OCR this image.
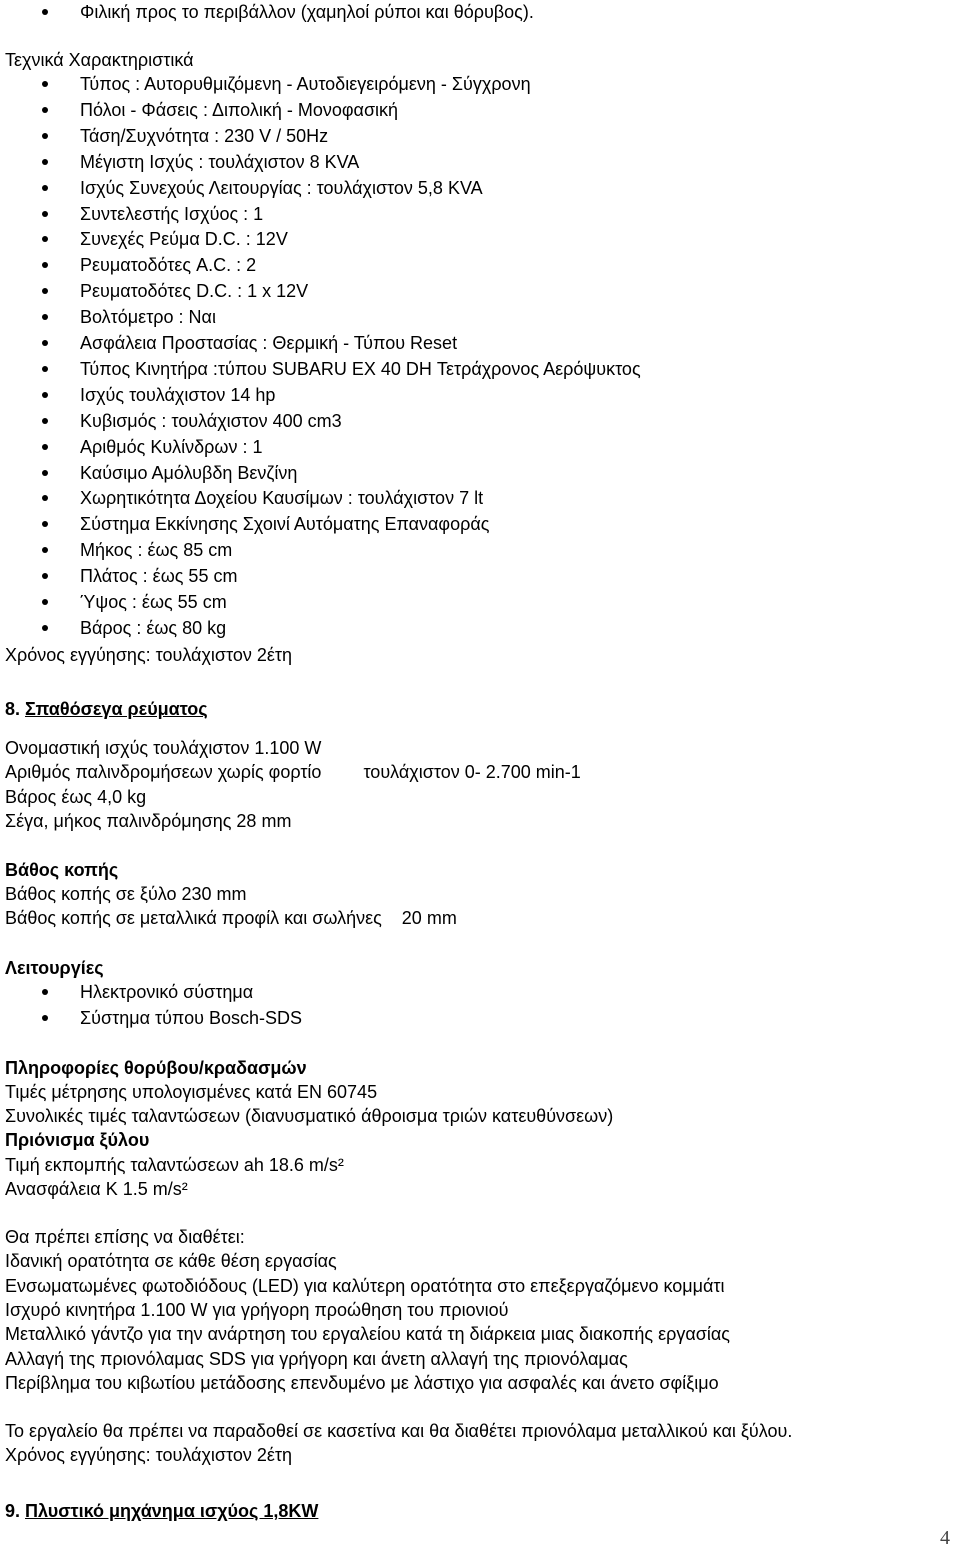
Φιλική προς το περιβάλλον (χαμηλοί ρύποι και θόρυβος).
Τεχνικά Χαρακτηριστικά
Τύπος : Αυτορυθμιζόμενη - Αυτοδιεγειρόμενη - Σύγχρονη
Πόλοι - Φάσεις : Διπολική - Μονοφασική
Τάση/Συχνότητα : 230 V / 50Hz
Μέγιστη Ισχύς : τουλάχιστον 8 KVA
Ισχύς Συνεχούς Λειτουργίας : τουλάχιστον 5,8 KVA
Συντελεστής Ισχύος : 1
Συνεχές Ρεύμα D.C. : 12V
Ρευματοδότες A.C. : 2
Ρευματοδότες D.C. : 1 x 12V
Βολτόμετρο : Ναι
Ασφάλεια Προστασίας : Θερμική - Τύπου Reset
Τύπος Κινητήρα :τύπου SUBARU EX 40 DH Τετράχρονος Αερόψυκτος
Ισχύς τουλάχιστον 14 hp
Κυβισμός : τουλάχιστον 400 cm3
Αριθμός Κυλίνδρων : 1
Καύσιμο Αμόλυβδη Βενζίνη
Χωρητικότητα Δοχείου Καυσίμων : τουλάχιστον 7 lt
Σύστημα Εκκίνησης Σχοινί Αυτόματης Επαναφοράς
Μήκος : έως 85 cm
Πλάτος : έως 55 cm
Ύψος : έως 55 cm
Βάρος : έως 80 kg
Χρόνος εγγύησης: τουλάχιστον 2έτη
8. Σπαθόσεγα ρεύματος
Ονομαστική ισχύς τουλάχιστον 1.100 W
Αριθμός παλινδρομήσεων χωρίς φορτίο τουλάχιστον 0- 2.700 min-1
Βάρος έως 4,0 kg
Σέγα, μήκος παλινδρόμησης 28 mm
Βάθος κοπής
Βάθος κοπής σε ξύλο 230 mm
Βάθος κοπής σε μεταλλικά προφίλ και σωλήνες 20 mm
Λειτουργίες
Ηλεκτρονικό σύστημα
Σύστημα τύπου Bosch-SDS
Πληροφορίες θορύβου/κραδασμών
Τιμές μέτρησης υπολογισμένες κατά EN 60745
Συνολικές τιμές ταλαντώσεων (διανυσματικό άθροισμα τριών κατευθύνσεων)
Πριόνισμα ξύλου
Τιμή εκπομπής ταλαντώσεων ah 18.6 m/s²
Ανασφάλεια K 1.5 m/s²
Θα πρέπει επίσης να διαθέτει:
Ιδανική ορατότητα σε κάθε θέση εργασίας
Ενσωματωμένες φωτοδιόδους (LED) για καλύτερη ορατότητα στο επεξεργαζόμενο κομμάτι
Ισχυρό κινητήρα 1.100 W για γρήγορη προώθηση του πριονιού
Μεταλλικό γάντζο για την ανάρτηση του εργαλείου κατά τη διάρκεια μιας διακοπής εργασίας
Αλλαγή της πριονόλαμας SDS για γρήγορη και άνετη αλλαγή της πριονόλαμας
Περίβλημα του κιβωτίου μετάδοσης επενδυμένο με λάστιχο για ασφαλές και άνετο σφίξιμο
Το εργαλείο θα πρέπει να παραδοθεί σε κασετίνα και θα διαθέτει πριονόλαμα μεταλλικού και ξύλου.
Χρόνος εγγύησης: τουλάχιστον 2έτη
9. Πλυστικό μηχάνημα ισχύος 1,8KW
4
